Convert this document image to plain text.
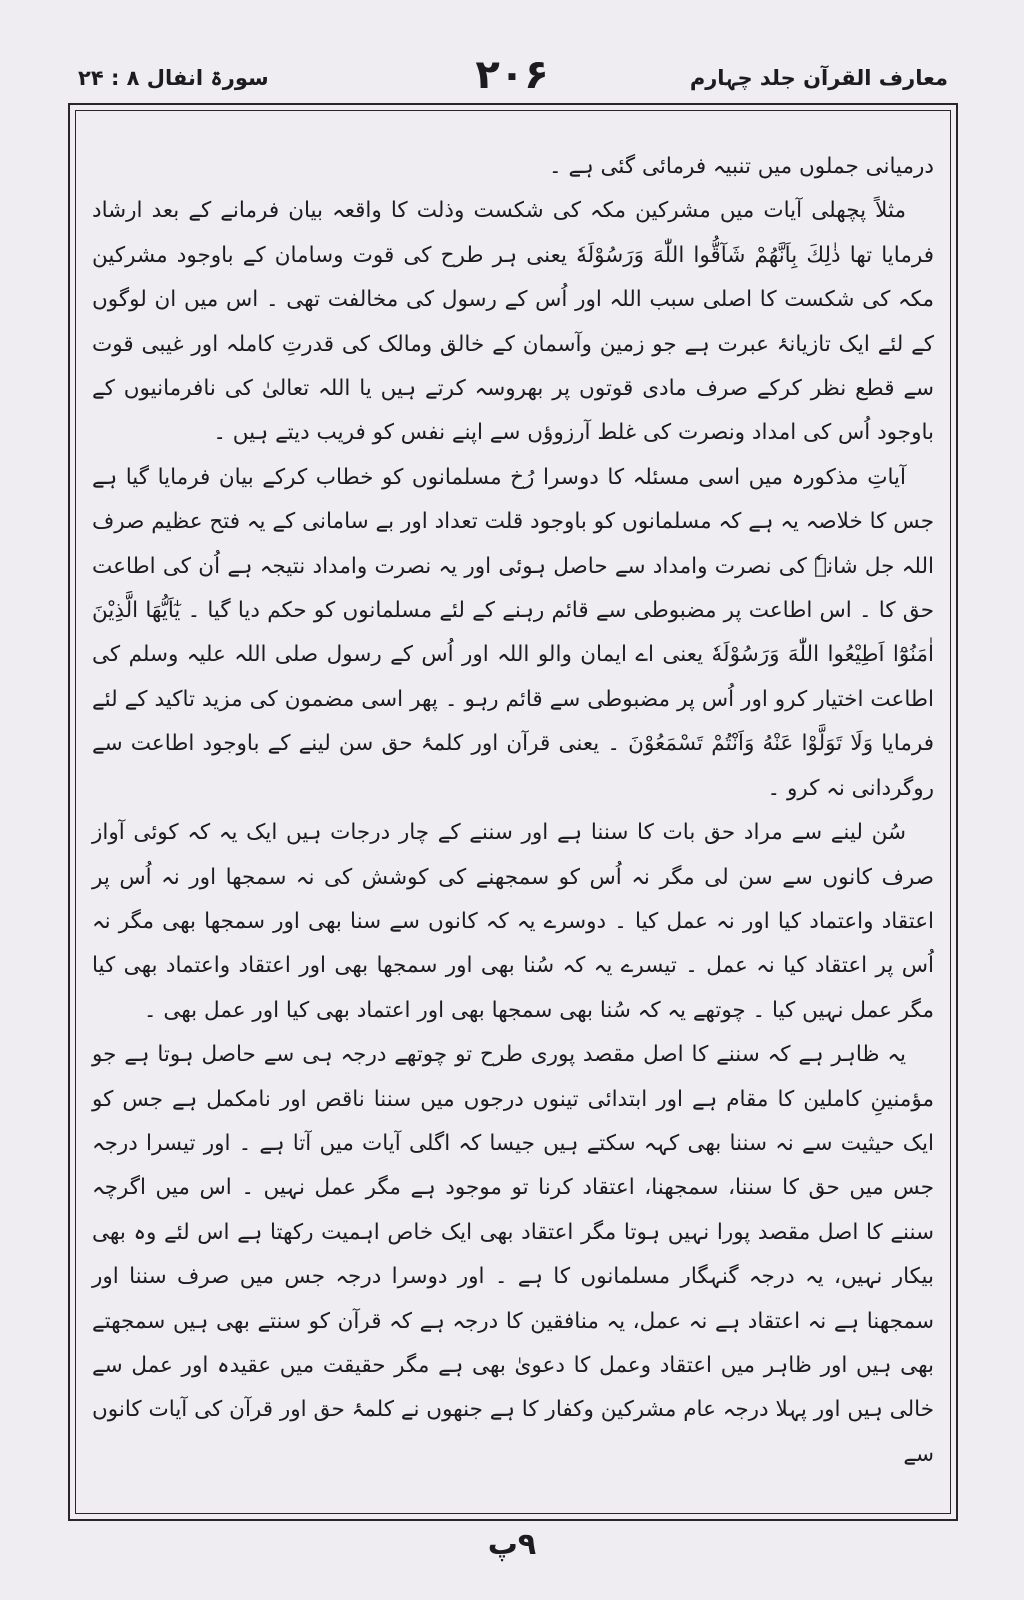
سورۃ انفال ۸ : ۲۴	۲۰۶	معارف القرآن جلد چہارم

درمیانی جملوں میں تنبیہ فرمائی گئی ہے ۔

مثلاً پچھلی آیات میں مشرکین مکہ کی شکست وذلت کا واقعہ بیان فرمانے کے بعد ارشاد فرمایا تھا ذٰلِكَ بِاَنَّهُمْ شَآقُّوا اللّٰهَ وَرَسُوْلَهٗ یعنی ہر طرح کی قوت وسامان کے باوجود مشرکین مکہ کی شکست کا اصلی سبب اللہ اور اُس کے رسول کی مخالفت تھی ۔ اس میں ان لوگوں کے لئے ایک تازیانۂ عبرت ہے جو زمین وآسمان کے خالق ومالک کی قدرتِ کاملہ اور غیبی قوت سے قطع نظر کرکے صرف مادی قوتوں پر بھروسہ کرتے ہیں یا اللہ تعالیٰ کی نافرمانیوں کے باوجود اُس کی امداد ونصرت کی غلط آرزوؤں سے اپنے نفس کو فریب دیتے ہیں ۔

آیاتِ مذکورہ میں اسی مسئلہ کا دوسرا رُخ مسلمانوں کو خطاب کرکے بیان فرمایا گیا ہے جس کا خلاصہ یہ ہے کہ مسلمانوں کو باوجود قلت تعداد اور بے سامانی کے یہ فتح عظیم صرف اللہ جل شانہٗ کی نصرت وامداد سے حاصل ہوئی اور یہ نصرت وامداد نتیجہ ہے اُن کی اطاعت حق کا ۔ اس اطاعت پر مضبوطی سے قائم رہنے کے لئے مسلمانوں کو حکم دیا گیا ۔ يٰٓاَيُّهَا الَّذِيْنَ اٰمَنُوْٓا اَطِيْعُوا اللّٰهَ وَرَسُوْلَهٗ یعنی اے ایمان والو اللہ اور اُس کے رسول صلی اللہ علیہ وسلم کی اطاعت اختیار کرو اور اُس پر مضبوطی سے قائم رہو ۔ پھر اسی مضمون کی مزید تاکید کے لئے فرمایا وَلَا تَوَلَّوْا عَنْهُ وَاَنْتُمْ تَسْمَعُوْنَ ۔ یعنی قرآن اور کلمۂ حق سن لینے کے باوجود اطاعت سے روگردانی نہ کرو ۔

سُن لینے سے مراد حق بات کا سننا ہے اور سننے کے چار درجات ہیں ایک یہ کہ کوئی آواز صرف کانوں سے سن لی مگر نہ اُس کو سمجھنے کی کوشش کی نہ سمجھا اور نہ اُس پر اعتقاد واعتماد کیا اور نہ عمل کیا ۔ دوسرے یہ کہ کانوں سے سنا بھی اور سمجھا بھی مگر نہ اُس پر اعتقاد کیا نہ عمل ۔ تیسرے یہ کہ سُنا بھی اور سمجھا بھی اور اعتقاد واعتماد بھی کیا مگر عمل نہیں کیا ۔ چوتھے یہ کہ سُنا بھی سمجھا بھی اور اعتماد بھی کیا اور عمل بھی ۔

یہ ظاہر ہے کہ سننے کا اصل مقصد پوری طرح تو چوتھے درجہ ہی سے حاصل ہوتا ہے جو مؤمنینِ کاملین کا مقام ہے اور ابتدائی تینوں درجوں میں سننا ناقص اور نامکمل ہے جس کو ایک حیثیت سے نہ سننا بھی کہہ سکتے ہیں جیسا کہ اگلی آیات میں آتا ہے ۔ اور تیسرا درجہ جس میں حق کا سننا، سمجھنا، اعتقاد کرنا تو موجود ہے مگر عمل نہیں ۔ اس میں اگرچہ سننے کا اصل مقصد پورا نہیں ہوتا مگر اعتقاد بھی ایک خاص اہمیت رکھتا ہے اس لئے وہ بھی بیکار نہیں، یہ درجہ گنہگار مسلمانوں کا ہے ۔ اور دوسرا درجہ جس میں صرف سننا اور سمجھنا ہے نہ اعتقاد ہے نہ عمل، یہ منافقین کا درجہ ہے کہ قرآن کو سنتے بھی ہیں سمجھتے بھی ہیں اور ظاہر میں اعتقاد وعمل کا دعویٰ بھی ہے مگر حقیقت میں عقیدہ اور عمل سے خالی ہیں اور پہلا درجہ عام مشرکین وکفار کا ہے جنھوں نے کلمۂ حق اور قرآن کی آیات کانوں سے

۹پ
